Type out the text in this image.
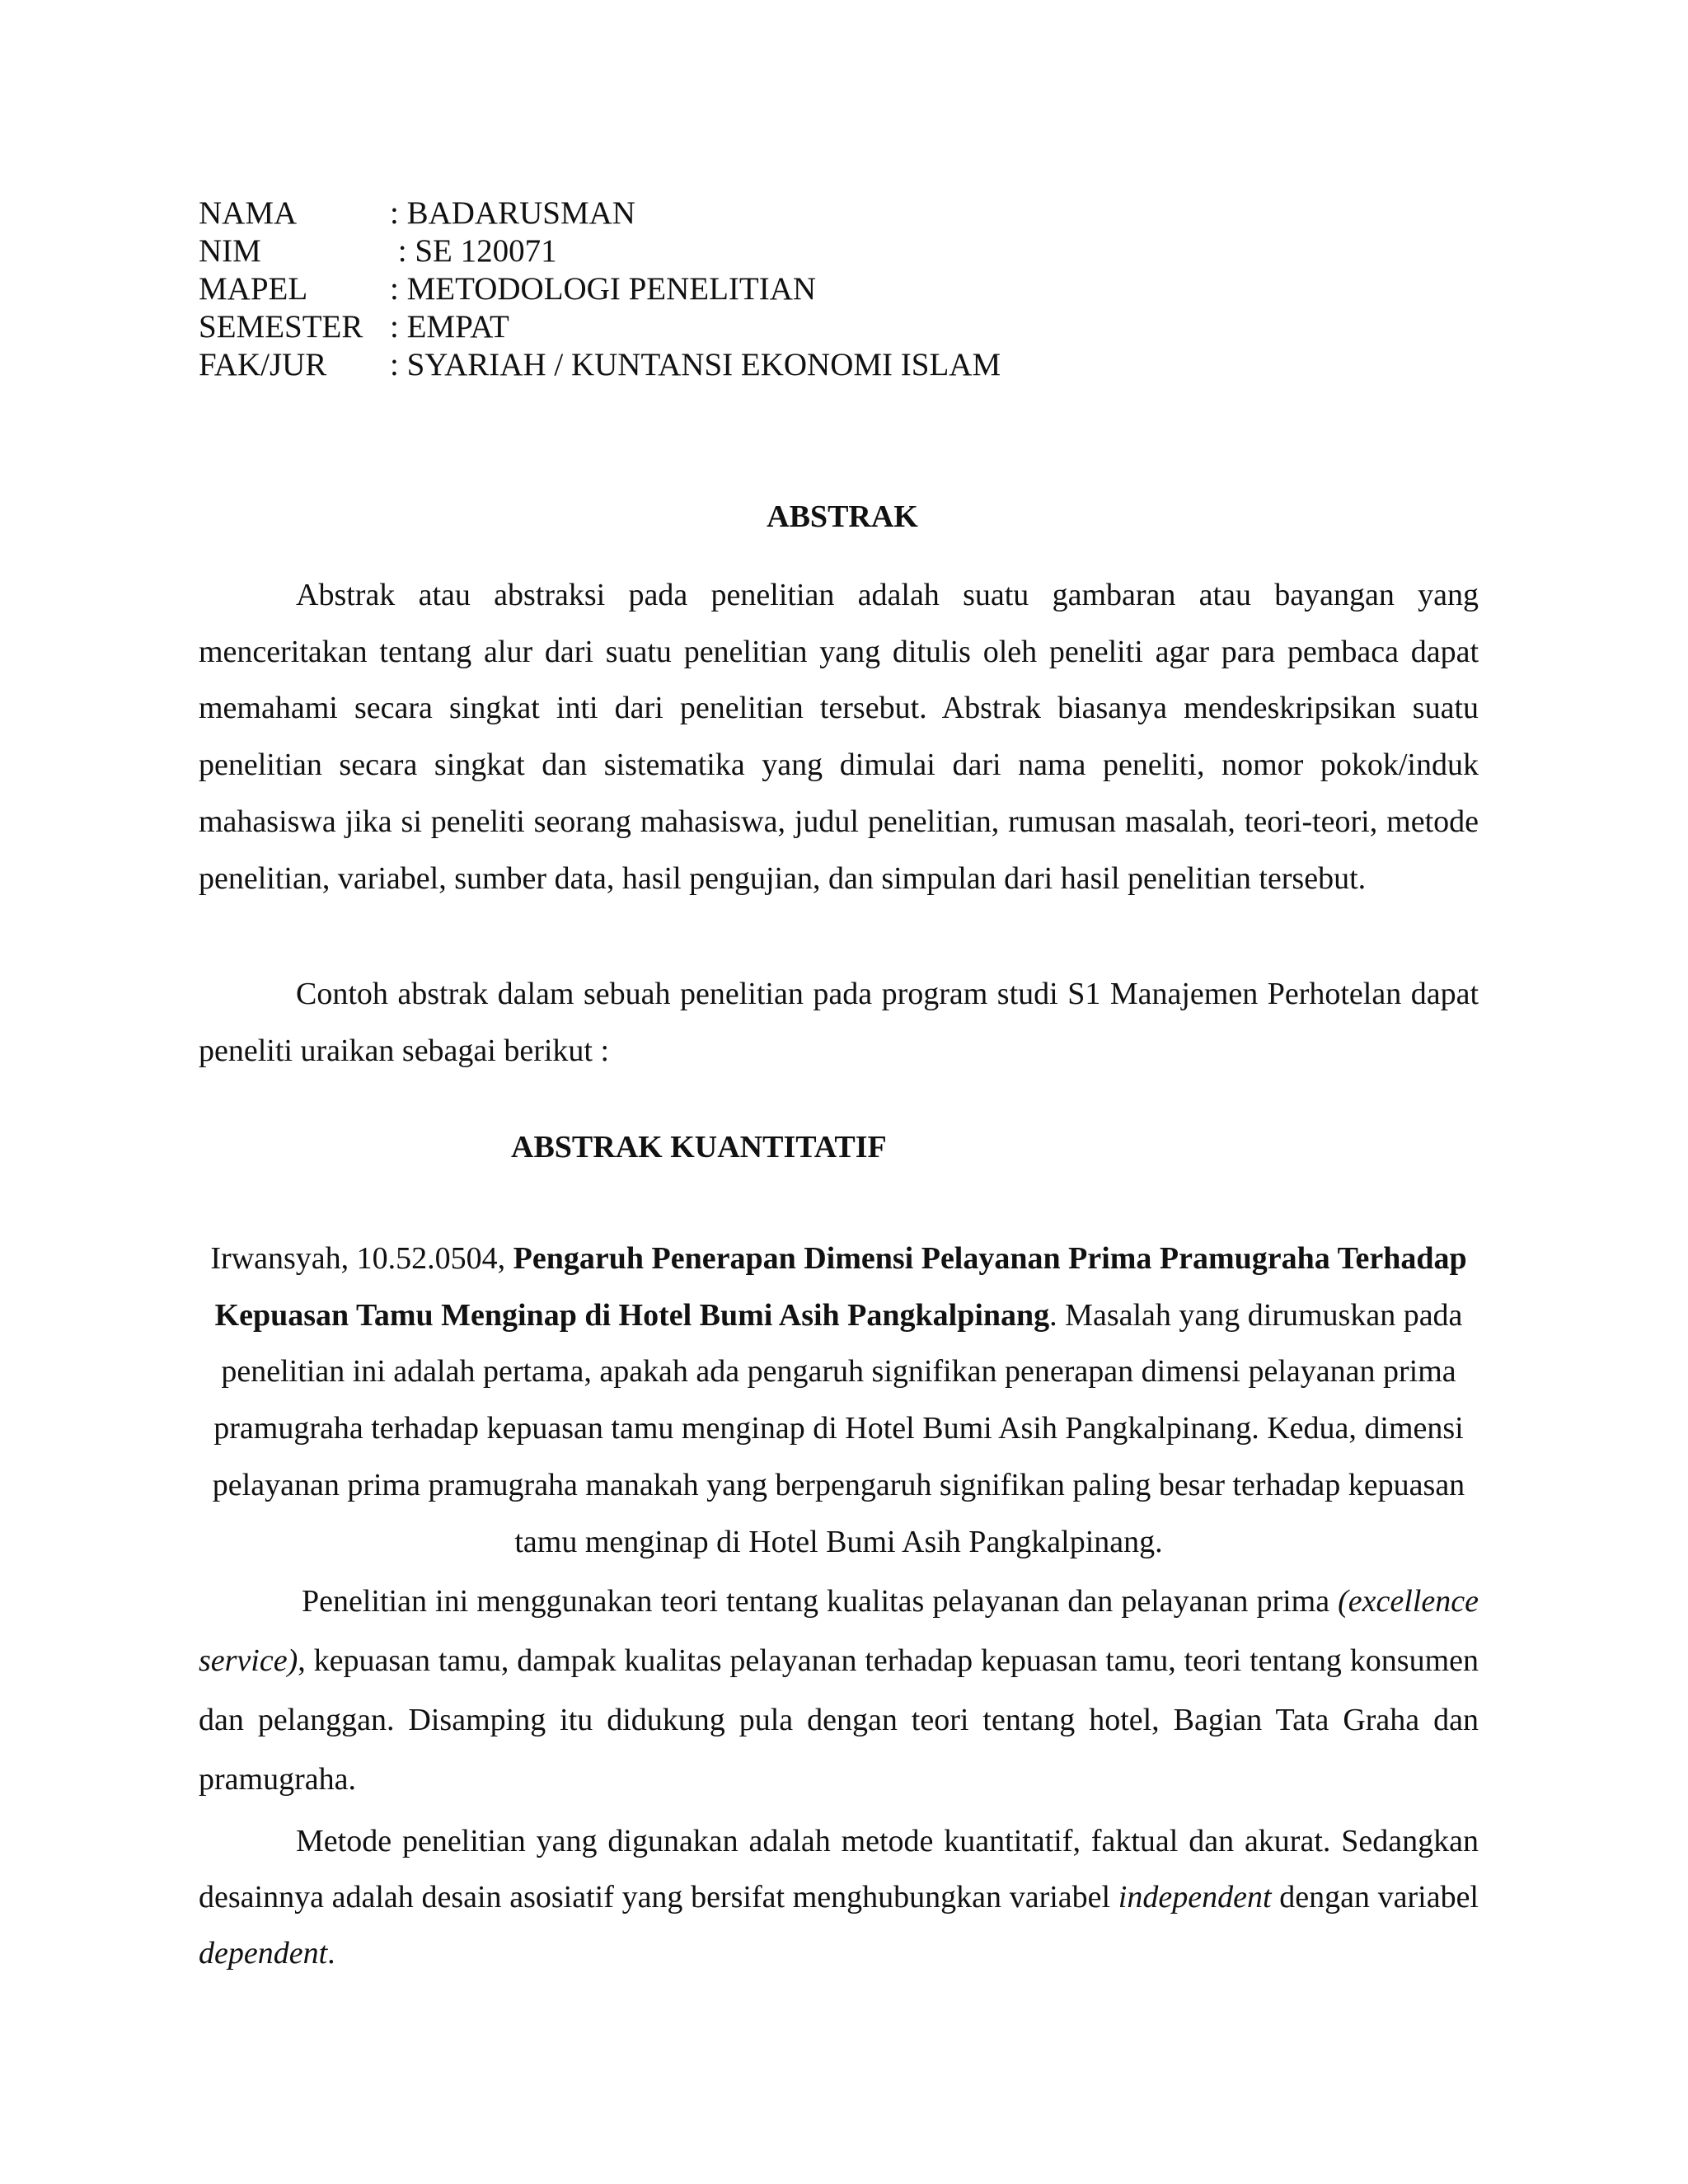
NAMA	: BADARUSMAN
NIM	: SE 120071
MAPEL	: METODOLOGI PENELITIAN
SEMESTER : EMPAT
FAK/JUR : SYARIAH / KUNTANSI EKONOMI ISLAM
ABSTRAK

Abstrak atau abstraksi pada penelitian adalah suatu gambaran atau bayangan yang menceritakan tentang alur dari suatu penelitian yang ditulis oleh peneliti agar para pembaca dapat memahami secara singkat inti dari penelitian tersebut. Abstrak biasanya mendeskripsikan suatu penelitian secara singkat dan sistematika yang dimulai dari nama peneliti, nomor pokok/induk mahasiswa jika si peneliti seorang mahasiswa, judul penelitian, rumusan masalah, teori-teori, metode penelitian, variabel, sumber data, hasil pengujian, dan simpulan dari hasil penelitian tersebut.

Contoh abstrak dalam sebuah penelitian pada program studi S1 Manajemen Perhotelan dapat peneliti uraikan sebagai berikut :

ABSTRAK KUANTITATIF

Irwansyah, 10.52.0504, Pengaruh Penerapan Dimensi Pelayanan Prima Pramugraha Terhadap Kepuasan Tamu Menginap di Hotel Bumi Asih Pangkalpinang. Masalah yang dirumuskan pada penelitian ini adalah pertama, apakah ada pengaruh signifikan penerapan dimensi pelayanan prima pramugraha terhadap kepuasan tamu menginap di Hotel Bumi Asih Pangkalpinang. Kedua, dimensi pelayanan prima pramugraha manakah yang berpengaruh signifikan paling besar terhadap kepuasan tamu menginap di Hotel Bumi Asih Pangkalpinang.

Penelitian ini menggunakan teori tentang kualitas pelayanan dan pelayanan prima (excellence service), kepuasan tamu, dampak kualitas pelayanan terhadap kepuasan tamu, teori tentang konsumen dan pelanggan. Disamping itu didukung pula dengan teori tentang hotel, Bagian Tata Graha dan pramugraha.

Metode penelitian yang digunakan adalah metode kuantitatif, faktual dan akurat. Sedangkan desainnya adalah desain asosiatif yang bersifat menghubungkan variabel independent dengan variabel dependent.
